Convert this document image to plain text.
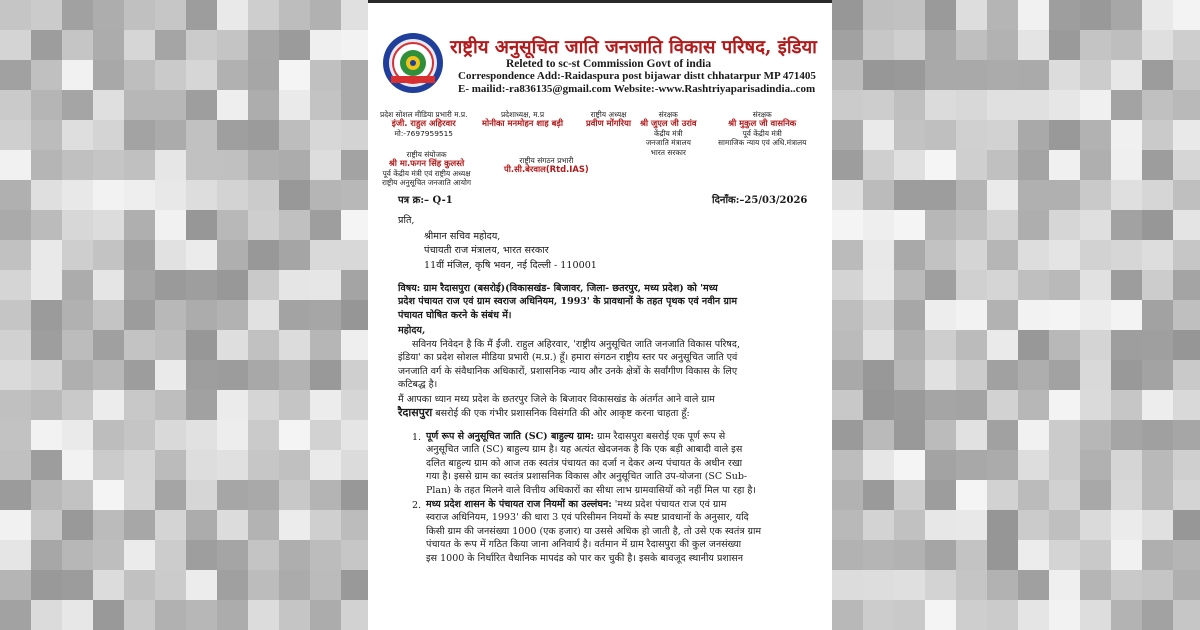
राष्ट्रीय अनुसूचित जाति जनजाति विकास परिषद, इंडिया
Releted to sc-st Commission Govt of india
Correspondence Add:-Raidaspura post bijawar distt chhatarpur MP 471405
E- mailid:-ra836135@gmail.com Website:-www.Rashtriyaparisadindia..com
प्रदेश सोशल मीडिया प्रभारी म.प्र.
इंजी. राहुल अहिरवार
मो:-7697959515
प्रदेशाध्यक्ष, म.प्र
मोनीका मनमोहन शाह बड़ी
राष्ट्रीय अध्यक्ष
प्रवीण मोंगरिया
संरक्षक
श्री जुएल जी उरांव
केंद्रीय मंत्री
जनजाति मंत्रालय
भारत सरकार
संरक्षक
श्री मुकुल जी वासनिक
पूर्व केंद्रीय मंत्री
सामाजिक न्याय एवं अधि.मंत्रालय
राष्ट्रीय संयोजक
श्री मा.फगन सिंह कुलस्ते
पूर्व केंद्रीय मंत्री एवं राष्ट्रीय अध्यक्ष
राष्ट्रीय अनुसूचित जनजाति आयोग
राष्ट्रीय संगठन प्रभारी
पी.सी.बेरवाल(Rtd.IAS)
पत्र क्र:– Q-1	दिनाँक:–25/03/2026
प्रति,
श्रीमान सचिव महोदय,
पंचायती राज मंत्रालय, भारत सरकार
11वीं मंजिल, कृषि भवन, नई दिल्ली - 110001
विषय: ग्राम रैदासपुरा (बसरोई)(विकासखंड- बिजावर, जिला- छतरपुर, मध्य प्रदेश) को 'मध्य
प्रदेश पंचायत राज एवं ग्राम स्वराज अधिनियम, 1993' के प्रावधानों के तहत पृथक एवं नवीन ग्राम
पंचायत घोषित करने के संबंध में।
महोदय,
सविनय निवेदन है कि मैं ईंजी. राहुल अहिरवार, 'राष्ट्रीय अनुसूचित जाति जनजाति विकास परिषद,
इंडिया' का प्रदेश सोशल मीडिया प्रभारी (म.प्र.) हूँ। हमारा संगठन राष्ट्रीय स्तर पर अनुसूचित जाति एवं
जनजाति वर्ग के संवैधानिक अधिकारों, प्रशासनिक न्याय और उनके क्षेत्रों के सर्वांगीण विकास के लिए
कटिबद्ध है।
मैं आपका ध्यान मध्य प्रदेश के छतरपुर जिले के बिजावर विकासखंड के अंतर्गत आने वाले ग्राम
रैदासपुरा बसरोई की एक गंभीर प्रशासनिक विसंगति की ओर आकृष्ट करना चाहता हूँ:
1. पूर्ण रूप से अनुसूचित जाति (SC) बाहुल्य ग्राम: ग्राम रैदासपुरा बसरोई एक पूर्ण रूप से
अनुसूचित जाति (SC) बाहुल्य ग्राम है। यह अत्यंत खेदजनक है कि एक बड़ी आबादी वाले इस
दलित बाहुल्य ग्राम को आज तक स्वतंत्र पंचायत का दर्जा न देकर अन्य पंचायत के अधीन रखा
गया है। इससे ग्राम का स्वतंत्र प्रशासनिक विकास और अनुसूचित जाति उप-योजना (SC Sub-
Plan) के तहत मिलने वाले वित्तीय अधिकारों का सीधा लाभ ग्रामवासियों को नहीं मिल पा रहा है।
2. मध्य प्रदेश शासन के पंचायत राज नियमों का उल्लंघन: 'मध्य प्रदेश पंचायत राज एवं ग्राम
स्वराज अधिनियम, 1993' की धारा 3 एवं परिसीमन नियमों के स्पष्ट प्रावधानों के अनुसार, यदि
किसी ग्राम की जनसंख्या 1000 (एक हजार) या उससे अधिक हो जाती है, तो उसे एक स्वतंत्र ग्राम
पंचायत के रूप में गठित किया जाना अनिवार्य है। वर्तमान में ग्राम रैदासपुरा की कुल जनसंख्या
इस 1000 के निर्धारित वैधानिक मापदंड को पार कर चुकी है। इसके बावजूद स्थानीय प्रशासन
